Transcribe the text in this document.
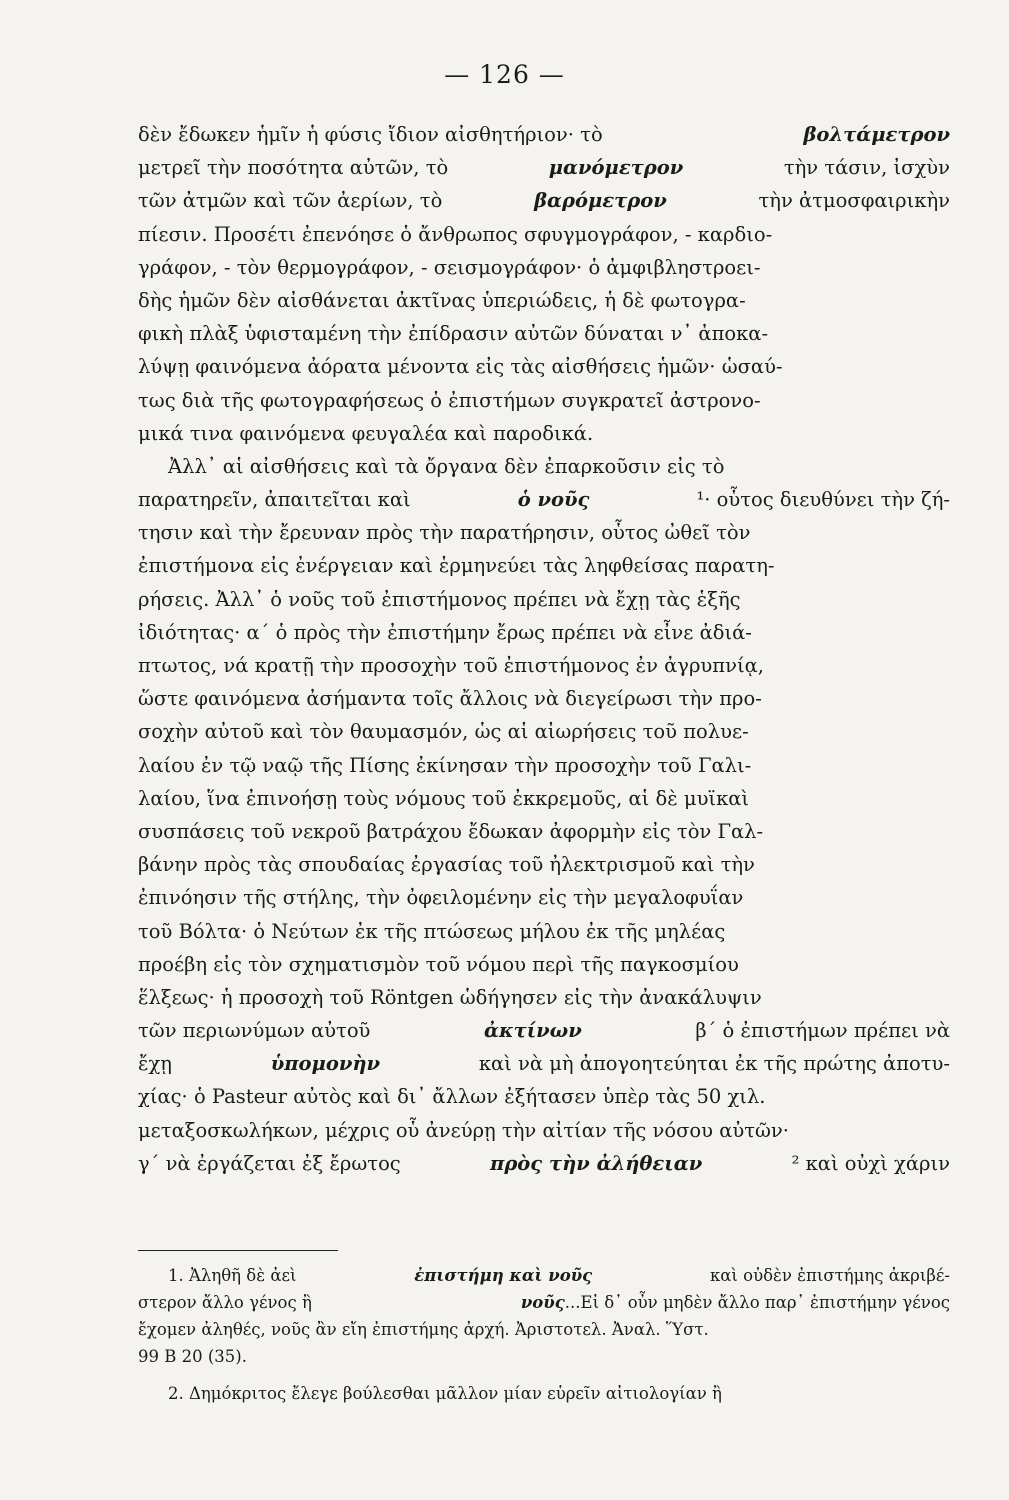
— 126 —
δὲν ἔδωκεν ἡμῖν ἡ φύσις ἴδιον αἰσθητήριον· τὸ	βολτάμετρον
μετρεῖ τὴν ποσότητα αὐτῶν, τὸ	μανόμετρον	τὴν τάσιν, ἰσχὺν
τῶν ἀτμῶν καὶ τῶν ἀερίων, τὸ	βαρόμετρον	τὴν ἀτμοσφαιρικὴν
πίεσιν. Προσέτι ἐπενόησε ὁ ἄνθρωπος σφυγμογράφον, - καρδιο-
γράφον, - τὸν θερμογράφον, - σεισμογράφον· ὁ ἀμφιβληστροει-
δὴς ἡμῶν δὲν αἰσθάνεται ἀκτῖνας ὑπεριώδεις, ἡ δὲ φωτογρα-
φικὴ πλὰξ ὑφισταμένη τὴν ἐπίδρασιν αὐτῶν δύναται ν᾽ ἀποκα-
λύψῃ φαινόμενα ἀόρατα μένοντα εἰς τὰς αἰσθήσεις ἡμῶν· ὡσαύ-
τως διὰ τῆς φωτογραφήσεως ὁ ἐπιστήμων συγκρατεῖ ἀστρονο-
μικά τινα φαινόμενα φευγαλέα καὶ παροδικά.
Ἀλλ᾽ αἱ αἰσθήσεις καὶ τὰ ὄργανα δὲν ἐπαρκοῦσιν εἰς τὸ
παρατηρεῖν, ἀπαιτεῖται καὶ	ὁ νοῦς	¹· οὗτος διευθύνει τὴν ζή-
τησιν καὶ τὴν ἔρευναν πρὸς τὴν παρατήρησιν, οὗτος ὠθεῖ τὸν
ἐπιστήμονα εἰς ἐνέργειαν καὶ ἑρμηνεύει τὰς ληφθείσας παρατη-
ρήσεις. Ἀλλ᾽ ὁ νοῦς τοῦ ἐπιστήμονος πρέπει νὰ ἔχῃ τὰς ἑξῆς
ἰδιότητας· α´ ὁ πρὸς τὴν ἐπιστήμην ἔρως πρέπει νὰ εἶνε ἀδιά-
πτωτος, νά κρατῇ τὴν προσοχὴν τοῦ ἐπιστήμονος ἐν ἀγρυπνίᾳ,
ὥστε φαινόμενα ἀσήμαντα τοῖς ἄλλοις νὰ διεγείρωσι τὴν προ-
σοχὴν αὐτοῦ καὶ τὸν θαυμασμόν, ὡς αἱ αἰωρήσεις τοῦ πολυε-
λαίου ἐν τῷ ναῷ τῆς Πίσης ἐκίνησαν τὴν προσοχὴν τοῦ Γαλι-
λαίου, ἵνα ἐπινοήσῃ τοὺς νόμους τοῦ ἐκκρεμοῦς, αἱ δὲ μυϊκαὶ
συσπάσεις τοῦ νεκροῦ βατράχου ἔδωκαν ἀφορμὴν εἰς τὸν Γαλ-
βάνην πρὸς τὰς σπουδαίας ἐργασίας τοῦ ἠλεκτρισμοῦ καὶ τὴν
ἐπινόησιν τῆς στήλης, τὴν ὀφειλομένην εἰς τὴν μεγαλοφυΐαν
τοῦ Βόλτα· ὁ Νεύτων ἐκ τῆς πτώσεως μήλου ἐκ τῆς μηλέας
προέβη εἰς τὸν σχηματισμὸν τοῦ νόμου περὶ τῆς παγκοσμίου
ἕλξεως· ἡ προσοχὴ τοῦ Röntgen ὡδήγησεν εἰς τὴν ἀνακάλυψιν
τῶν περιωνύμων αὐτοῦ	ἀκτίνων	β´ ὁ ἐπιστήμων πρέπει νὰ
ἔχῃ	ὑπομονὴν	καὶ νὰ μὴ ἀπογοητεύηται ἐκ τῆς πρώτης ἀποτυ-
χίας· ὁ Pasteur αὐτὸς καὶ δι᾽ ἄλλων ἐξήτασεν ὑπὲρ τὰς 50 χιλ.
μεταξοσκωλήκων, μέχρις οὗ ἀνεύρῃ τὴν αἰτίαν τῆς νόσου αὐτῶν·
γ´ νὰ ἐργάζεται ἐξ ἔρωτος	πρὸς τὴν ἀλήθειαν	² καὶ οὐχὶ χάριν
1. Ἀληθῆ δὲ ἀεὶ	ἐπιστήμη καὶ νοῦς	καὶ οὐδὲν ἐπιστήμης ἀκριβέ-
στερον ἄλλο γένος ἢ	νοῦς...Εἰ δ᾽ οὖν μηδὲν ἄλλο παρ᾽ ἐπιστήμην γένος
ἔχομεν ἀληθές, νοῦς ἂν εἴη ἐπιστήμης ἀρχή. Ἀριστοτελ. Ἀναλ. Ὕστ.
99 Β 20 (35).
2. Δημόκριτος ἔλεγε βούλεσθαι μᾶλλον μίαν εὑρεῖν αἰτιολογίαν ἢ
